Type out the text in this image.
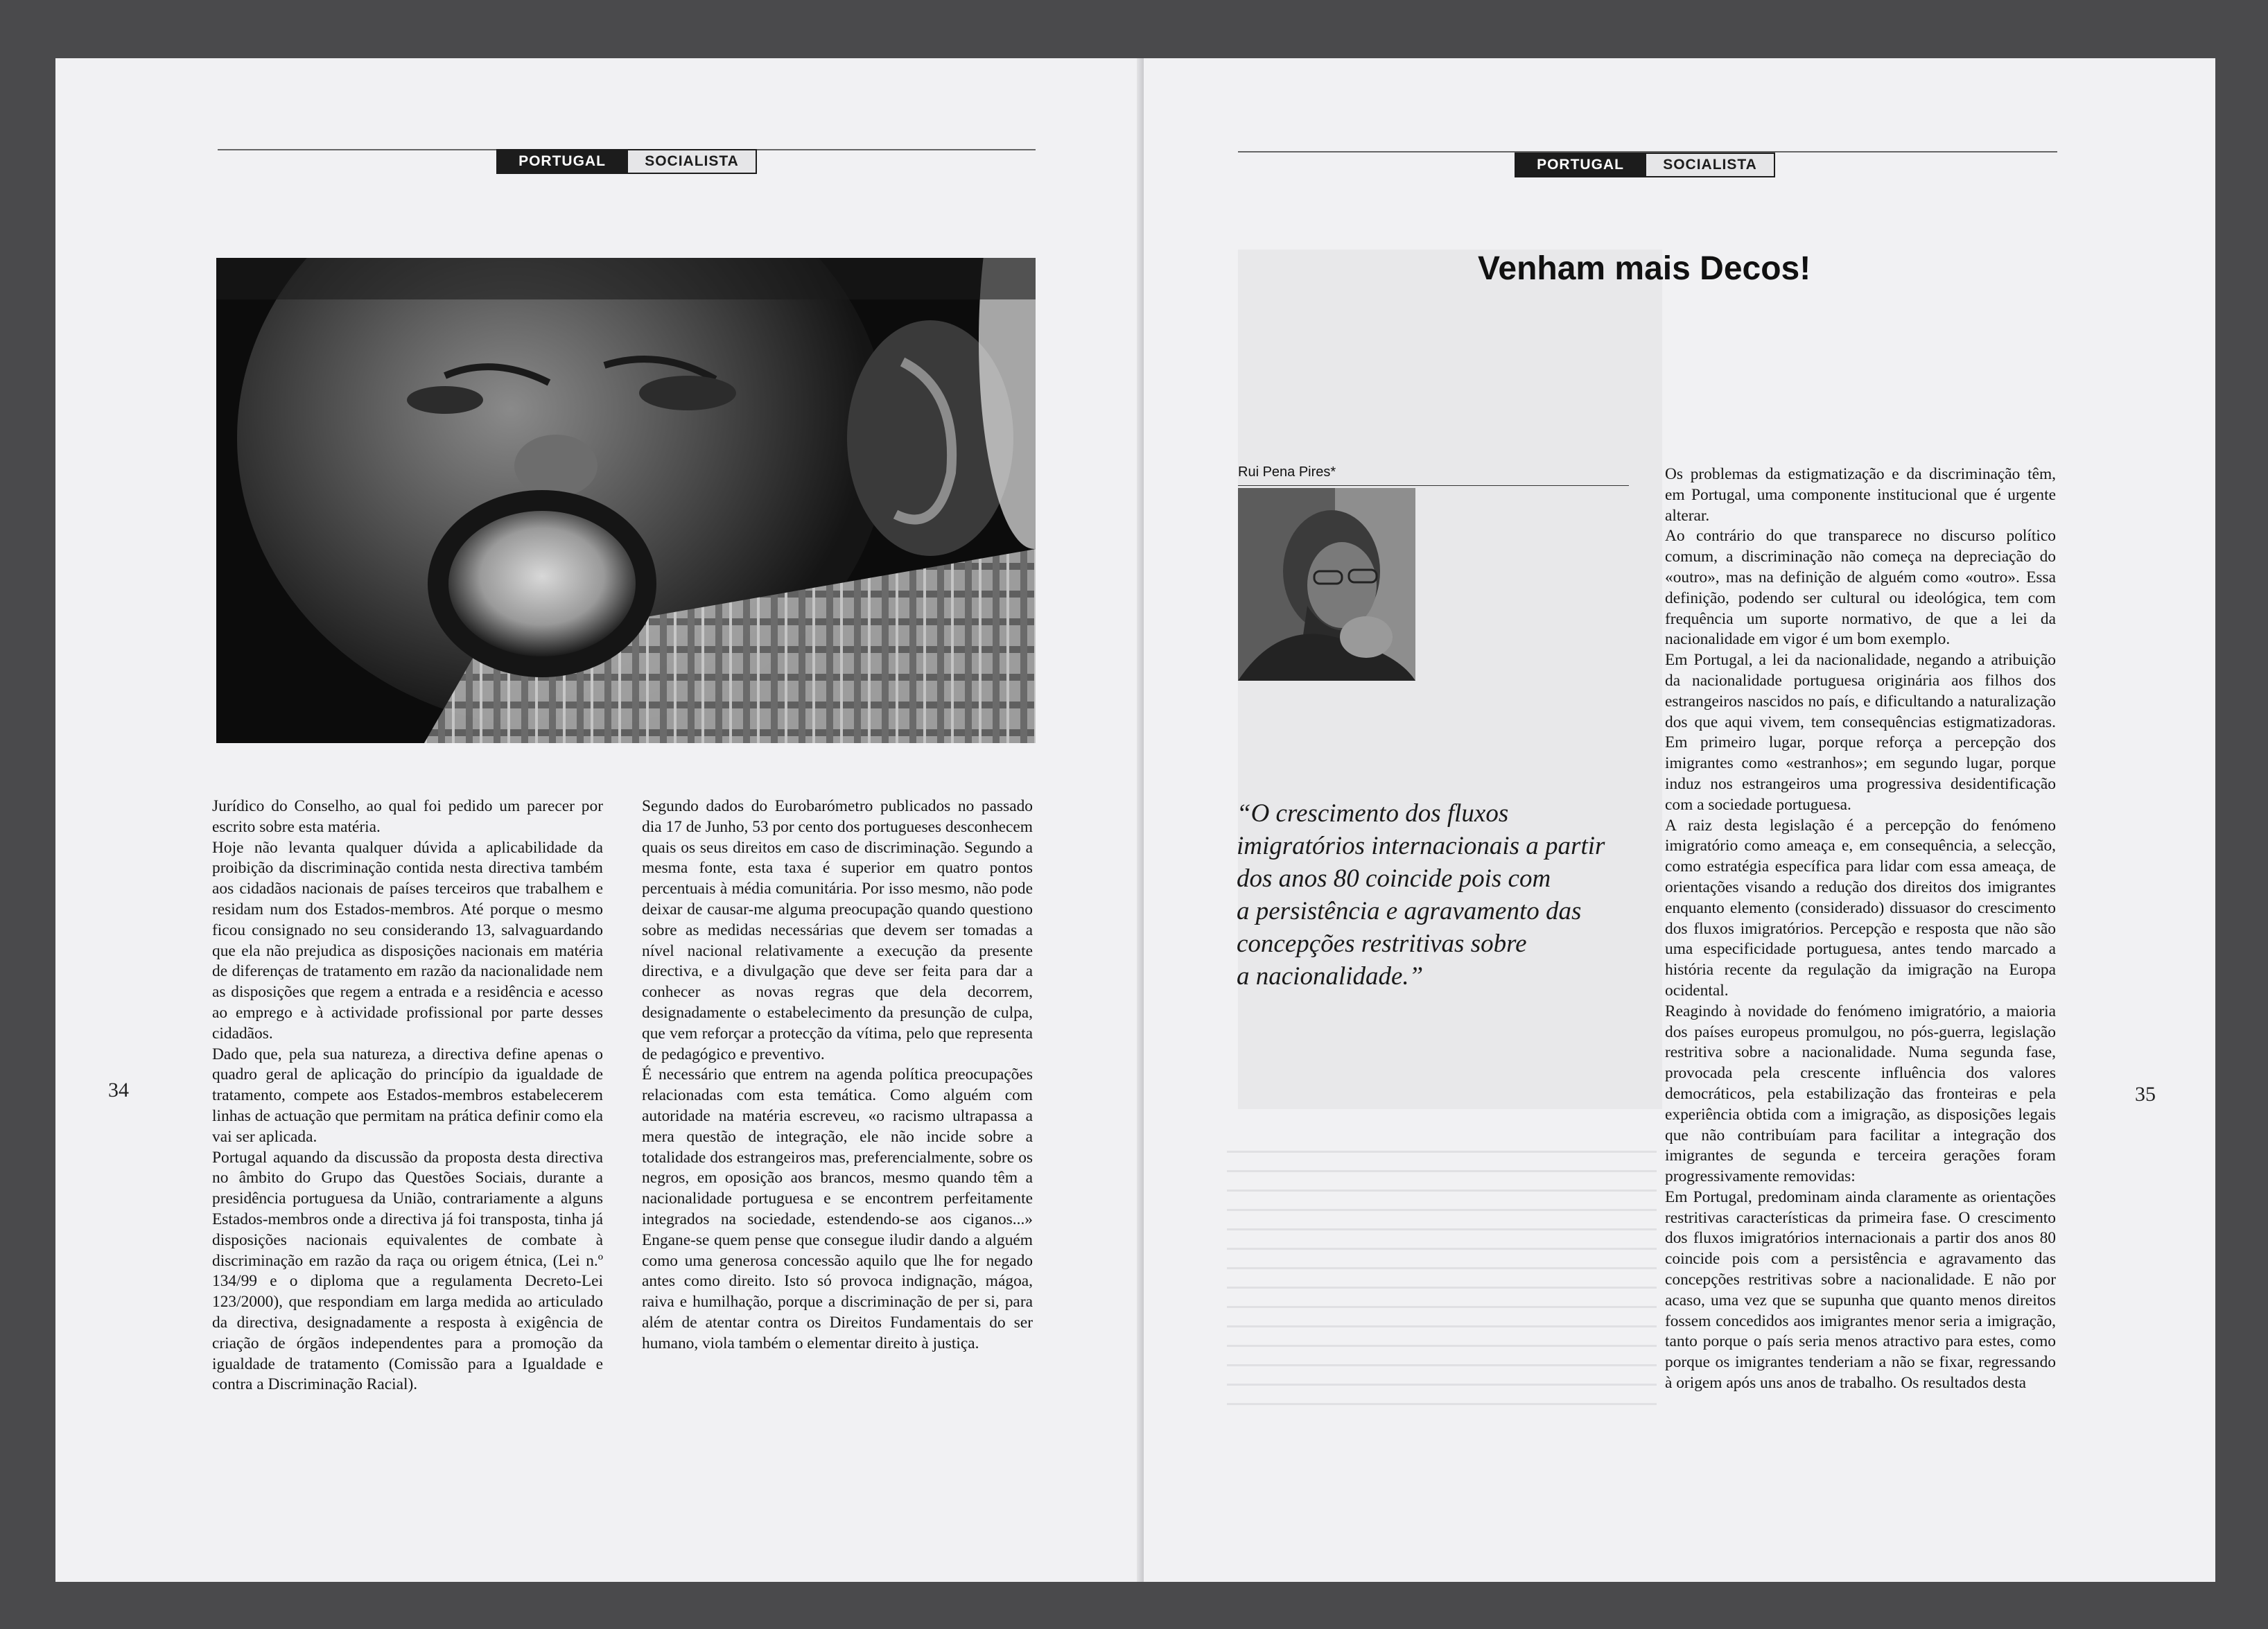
PORTUGAL	SOCIALISTA

Jurídico do Conselho, ao qual foi pedido um parecer por escrito sobre esta matéria.

Hoje não levanta qualquer dúvida a aplicabilidade da proibição da discriminação contida nesta directiva também aos cidadãos nacionais de países terceiros que trabalhem e residam num dos Estados-membros. Até porque o mesmo ficou consignado no seu considerando 13, salvaguardando que ela não prejudica as disposições nacionais em matéria de diferenças de tratamento em razão da nacionalidade nem as disposições que regem a entrada e a residência e acesso ao emprego e à actividade profissional por parte desses cidadãos.

Dado que, pela sua natureza, a directiva define apenas o quadro geral de aplicação do princípio da igualdade de tratamento, compete aos Estados-membros estabelecerem linhas de actuação que permitam na prática definir como ela vai ser aplicada.

Portugal aquando da discussão da proposta desta directiva no âmbito do Grupo das Questões Sociais, durante a presidência portuguesa da União, contrariamente a alguns Estados-membros onde a directiva já foi transposta, tinha já disposições nacionais equivalentes de combate à discriminação em razão da raça ou origem étnica, (Lei n.º 134/99 e o diploma que a regulamenta Decreto-Lei 123/2000), que respondiam em larga medida ao articulado da directiva, designadamente a resposta à exigência de criação de órgãos independentes para a promoção da igualdade de tratamento (Comissão para a Igualdade e contra a Discriminação Racial).

Segundo dados do Eurobarómetro publicados no passado dia 17 de Junho, 53 por cento dos portugueses desconhecem quais os seus direitos em caso de discriminação. Segundo a mesma fonte, esta taxa é superior em quatro pontos percentuais à média comunitária. Por isso mesmo, não pode deixar de causar-me alguma preocupação quando questiono sobre as medidas necessárias que devem ser tomadas a nível nacional relativamente a execução da presente directiva, e a divulgação que deve ser feita para dar a conhecer as novas regras que dela decorrem, designadamente o estabelecimento da presunção de culpa, que vem reforçar a protecção da vítima, pelo que representa de pedagógico e preventivo.

É necessário que entrem na agenda política preocupações relacionadas com esta temática. Como alguém com autoridade na matéria escreveu, «o racismo ultrapassa a mera questão de integração, ele não incide sobre a totalidade dos estrangeiros mas, preferencialmente, sobre os negros, em oposição aos brancos, mesmo quando têm a nacionalidade portuguesa e se encontrem perfeitamente integrados na sociedade, estendendo-se aos ciganos...» Engane-se quem pense que consegue iludir dando a alguém como uma generosa concessão aquilo que lhe for negado antes como direito. Isto só provoca indignação, mágoa, raiva e humilhação, porque a discriminação de per si, para além de atentar contra os Direitos Fundamentais do ser humano, viola também o elementar direito à justiça.

34
PORTUGAL	SOCIALISTA
Venham mais Decos!
Rui Pena Pires*
“O crescimento dos fluxos
imigratórios internacionais a partir
dos anos 80 coincide pois com
a persistência e agravamento das
concepções restritivas sobre
a nacionalidade.”

Os problemas da estigmatização e da discriminação têm, em Portugal, uma componente institucional que é urgente alterar.

Ao contrário do que transparece no discurso político comum, a discriminação não começa na depreciação do «outro», mas na definição de alguém como «outro». Essa definição, podendo ser cultural ou ideológica, tem com frequência um suporte normativo, de que a lei da nacionalidade em vigor é um bom exemplo.

Em Portugal, a lei da nacionalidade, negando a atribuição da nacionalidade portuguesa originária aos filhos dos estrangeiros nascidos no país, e dificultando a naturalização dos que aqui vivem, tem consequências estigmatizadoras. Em primeiro lugar, porque reforça a percepção dos imigrantes como «estranhos»; em segundo lugar, porque induz nos estrangeiros uma progressiva desidentificação com a sociedade portuguesa.

A raiz desta legislação é a percepção do fenómeno imigratório como ameaça e, em consequência, a selecção, como estratégia específica para lidar com essa ameaça, de orientações visando a redução dos direitos dos imigrantes enquanto elemento (considerado) dissuasor do crescimento dos fluxos imigratórios. Percepção e resposta que não são uma especificidade portuguesa, antes tendo marcado a história recente da regulação da imigração na Europa ocidental.

Reagindo à novidade do fenómeno imigratório, a maioria dos países europeus promulgou, no pós-guerra, legislação restritiva sobre a nacionalidade. Numa segunda fase, provocada pela crescente influência dos valores democráticos, pela estabilização das fronteiras e pela experiência obtida com a imigração, as disposições legais que não contribuíam para facilitar a integração dos imigrantes de segunda e terceira gerações foram progressivamente removidas:

Em Portugal, predominam ainda claramente as orientações restritivas características da primeira fase. O crescimento dos fluxos imigratórios internacionais a partir dos anos 80 coincide pois com a persistência e agravamento das concepções restritivas sobre a nacionalidade. E não por acaso, uma vez que se supunha que quanto menos direitos fossem concedidos aos imigrantes menor seria a imigração, tanto porque o país seria menos atractivo para estes, como porque os imigrantes tenderiam a não se fixar, regressando à origem após uns anos de trabalho. Os resultados desta

35
